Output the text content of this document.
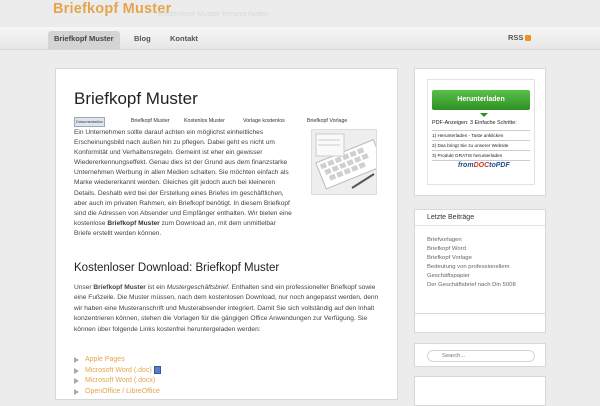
Briefkopf Muster
Kostenlose Muster herunterladen
Briefkopf Muster	Blog	Kontakt	RSS
Briefkopf Muster
Dokumentation	Briefkopf Muster	Kostenlos Muster	Vorlage kostenlos	Briefkopf Vorlage

Ein Unternehmen sollte darauf achten ein möglichst einheitliches Erscheinungsbild nach außen hin zu pflegen. Dabei geht es nicht um Konformität und Verhaltensregeln. Gemeint ist eher ein gewisser Wiedererkennungseffekt. Genau dies ist der Grund aus dem finanzstarke Unternehmen Werbung in allen Medien schalten. Sie möchten einfach als Marke wiedererkannt werden. Gleiches gilt jedoch auch bei kleineren Details. Deshalb wird bei der Erstellung eines Briefes im geschäftlichen, aber auch im privaten Rahmen, ein Briefkopf benötigt. In diesem Briefkopf sind die Adressen von Absender und Empfänger enthalten. Wir bieten eine kostenlose Briefkopf Muster zum Download an, mit dem unmittelbar Briefe erstellt werden können.

Kostenloser Download: Briefkopf Muster

Unser Briefkopf Muster ist ein Mustergeschäftsbrief. Enthalten sind ein professioneller Briefkopf sowie eine Fußzeile. Die Muster müssen, nach dem kostenlosen Download, nur noch angepasst werden, denn wir haben eine Musteranschrift und Musterabsender integriert. Damit Sie sich vollständig auf den Inhalt konzentrieren können, stehen die Vorlagen für die gängigen Office Anwendungen zur Verfügung. Sie können über folgende Links kostenfrei heruntergeladen werden:

Apple Pages
Microsoft Word (.doc)
Microsoft Word (.docx)
OpenOffice / LibreOffice
Herunterladen
PDF-Anzeigen: 3 Einfache Schritte:
1) Herunterladen - Taste anklicken
2) Das bringt Sie zu unserer Website
3) Produkt GRATIS herunterladen
fromDOCtoPDF
Letzte Beiträge
Briefvorlagen
Briefkopf Word
Briefkopf Vorlage
Bedeutung von professionellem
Geschäftspapier
Der Geschäftsbrief nach Din 5008
Search...
